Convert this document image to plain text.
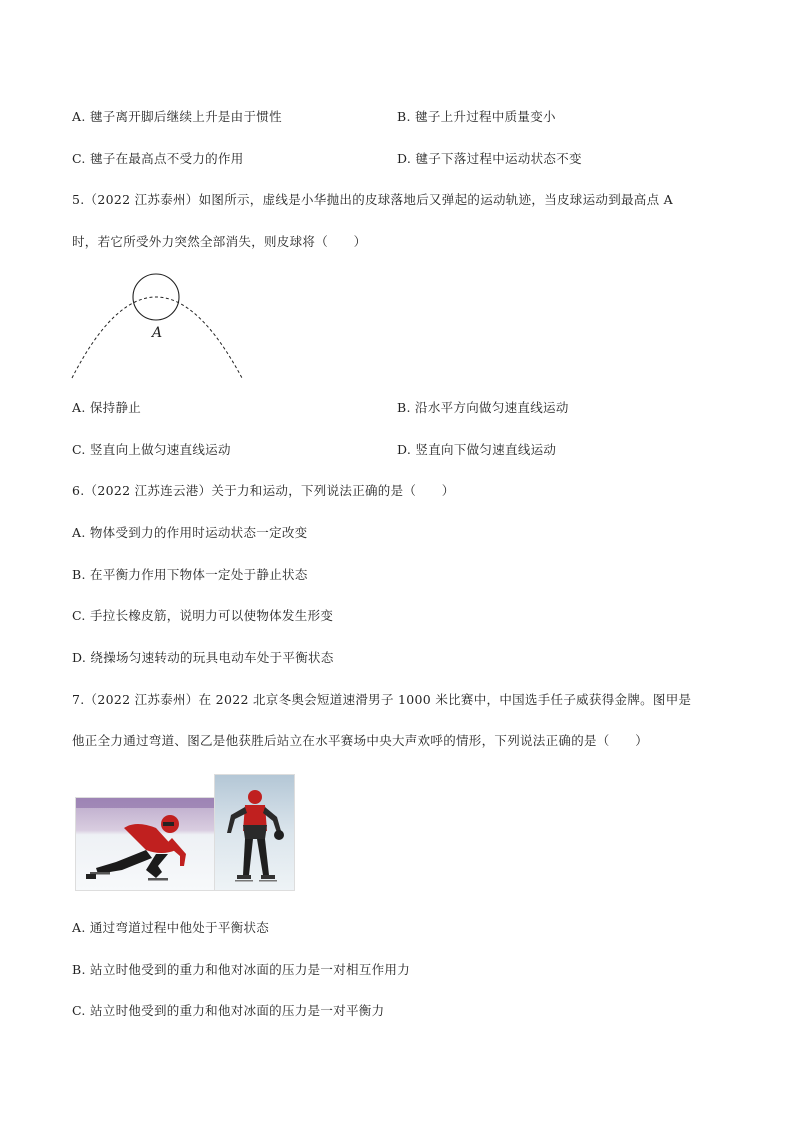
A. 毽子离开脚后继续上升是由于惯性	B. 毽子上升过程中质量变小
C. 毽子在最高点不受力的作用	D. 毽子下落过程中运动状态不变
5.（2022 江苏泰州）如图所示，虚线是小华抛出的皮球落地后又弹起的运动轨迹，当皮球运动到最高点 A
时，若它所受外力突然全部消失，则皮球将（　　）
A
A. 保持静止	B. 沿水平方向做匀速直线运动
C. 竖直向上做匀速直线运动	D. 竖直向下做匀速直线运动
6.（2022 江苏连云港）关于力和运动，下列说法正确的是（　　）
A. 物体受到力的作用时运动状态一定改变
B. 在平衡力作用下物体一定处于静止状态
C. 手拉长橡皮筋，说明力可以使物体发生形变
D. 绕操场匀速转动的玩具电动车处于平衡状态
7.（2022 江苏泰州）在 2022 北京冬奥会短道速滑男子 1000 米比赛中，中国选手任子威获得金牌。图甲是
他正全力通过弯道、图乙是他获胜后站立在水平赛场中央大声欢呼的情形，下列说法正确的是（　　）
A. 通过弯道过程中他处于平衡状态
B. 站立时他受到的重力和他对冰面的压力是一对相互作用力
C. 站立时他受到的重力和他对冰面的压力是一对平衡力
